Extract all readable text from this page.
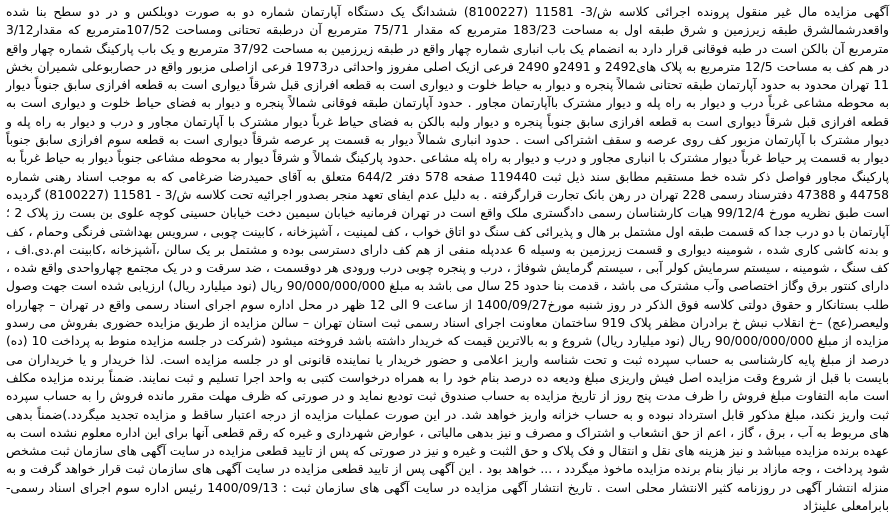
آگهی مزایده مال غیر منقول پرونده اجرائی کلاسه ش/3- 11581 (8100227) ششدانگ یک دستگاه آپارتمان شماره دو به صورت دوبلکس و در دو سطح بنا شده واقعدرشمالشرق طبقه زیرزمین و شرق طبقه اول به مساحت 183/23 مترمربع که مقدار 75/71 مترمربع آن درطبقه تحتانی ومساحت 107/52مترمربع که مقدار3/12 مترمربع آن بالکن است در طبه فوقانی قرار دارد به انضمام یک باب انباری شماره چهار واقع در طبقه زیرزمین به مساحت 37/92 مترمربع و یک باب پارکینگ شماره چهار واقع در هم کف به مساحت 12/5 مترمربع به پلاک های2492 و 2491و 2490 فرعی ازیک اصلی مفروز واحداثی در1973 فرعی ازاصلی مزبور واقع در حصاربوعلی شمیران بخش 11 تهران محدود به حدود آپارتمان طبقه تحتانی شمالاً پنجره و دیوار به حیاط خلوت و دیواری است به قطعه افرازی قبل شرقاً دیواری است به قطعه افرازی سابق جنوباً دیوار به محوطه مشاعی غرباً درب و دیوار به راه پله و دیوار مشترک باآپارتمان مجاور . حدود آپارتمان طبقه فوقانی شمالاً پنجره و دیوار به فضای حیاط خلوت و دیواری است به قطعه افرازی قبل شرقاً دیواری است به قطعه افرازی سابق جنوباً پنجره و دیوار ولبه بالکن به فضای حیاط غرباً دیوار مشترک با آپارتمان مجاور و درب و دیوار به راه پله و دیوار مشترک با آپارتمان مزبور کف روی عرصه و سقف اشتراکی است . حدود انباری شمالاً دیوار به قسمت پر عرصه شرقاً دیواری است به قطعه سوم افرازی سابق جنوباً دیوار به قسمت پر حیاط غرباً دیوار مشترک با انباری مجاور و درب و دیوار به راه پله مشاعی .حدود پارکینگ شمالاً و شرقاً دیوار به محوطه مشاعی جنوباً دیوار به حیاط غرباً به پارکینگ مجاور فواصل ذکر شده خط مستقیم مطابق سند ذیل ثبت 119440 صفحه 578 دفتر 644/2 متعلق به آقای حمیدرضا ضرغامی که به موجب اسناد رهنی شماره 44758 و 47388 دفترسناد رسمی 228 تهران در رهن بانک تجارت قرارگرفته . به دلیل عدم ایفای تعهد منجر بصدور اجرائیه تحت کلاسه ش/3 - 11581 (8100227) گردیده است طبق نظریه مورخ 99/12/4 هیات کارشناسان رسمی دادگستری ملک واقع است در تهران فرمانیه خیابان سیمین دخت خیابان حسینی کوچه علوی بن بست رز پلاک 2 ؛ آپارتمان با دو درب جدا که قسمت طبقه اول مشتمل بر هال و پذیرائی کف سنگ دو اتاق خواب ، کف لمینیت ، آشپزخانه ، کابینت چوبی ، سرویس بهداشتی فرنگی وحمام ، کف و بدنه کاشی کاری شده ، شومینه دیواری و قسمت زیرزمین به وسیله 6 عددپله منفی از هم کف دارای دسترسی بوده و مشتمل بر یک سالن ،آشپزخانه ،کابینت ام.دی.اف ، کف سنگ ، شومینه ، سیستم سرمایش کولر آبی ، سیستم گرمایش شوفاژ ، درب و پنجره چوبی درب ورودی هر دوقسمت ، ضد سرقت و در یک مجتمع چهارواحدی واقع شده ، دارای کنتور برق وگاز اختصاصی وآب مشترک می باشد ، قدمت بنا حدود 25 سال می باشد به مبلغ 90/000/000/000 ریال (نود میلیارد ریال) ارزیابی شده است جهت وصول طلب بستانکار و حقوق دولتی کلاسه فوق الذکر در روز شنبه مورخ1400/09/27 از ساعت 9 الی 12 ظهر در محل اداره سوم اجرای اسناد رسمی واقع در تهران – چهارراه ولیعصر(عج) –خ انقلاب نبش خ برادران مظفر پلاک 919 ساختمان معاونت اجرای اسناد رسمی ثبت استان تهران – سالن مزایده از طریق مزایده حضوری بفروش می رسدو مزایده از مبلغ 90/000/000/000 ریال (نود میلیارد ریال) شروع و به بالاترین قیمت که خریدار داشته باشد فروخته میشود (شرکت در جلسه مزایده منوط به پرداخت 10 (ده) درصد از مبلغ پایه کارشناسی به حساب سپرده ثبت و تحت شناسه واریز اعلامی و حضور خریدار یا نماینده قانونی او در جلسه مزایده است. لذا خریدار و یا خریداران می بایست با قبل از شروع وقت مزایده اصل فیش واریزی مبلغ ودیعه ده درصد بنام خود را به همراه درخواست کتبی به واحد اجرا تسلیم و ثبت نمایند. ضمناً برنده مزایده مکلف است مابه التفاوت مبلغ فروش را ظرف مدت پنج روز از تاریخ مزایده به حساب صندوق ثبت تودیع نماید و در صورتی که ظرف مهلت مقرر مانده فروش را به حساب سپرده ثبت واریز نکند، مبلغ مذکور قابل استرداد نبوده و به حساب خزانه واریز خواهد شد. در این صورت عملیات مزایده از درجه اعتبار ساقط و مزایده تجدید میگردد.)ضمناً بدهی های مربوط به آب ، برق ، گاز ، اعم از حق انشعاب و اشتراک و مصرف و نیز بدهی مالیاتی ، عوارض شهرداری و غیره که رقم قطعی آنها برای این اداره معلوم نشده است به عهده برنده مزایده میباشد و نیز هزینه های نقل و انتقال و فک پلاک و حق الثبت و غیره و نیز در صورتی که پس از تایید قطعی مزایده در سایت آگهی های سازمان ثبت مشخص شود پرداخت ، وجه مازاد بر نیاز بنام برنده مزایده ماخوذ میگردد ، ... خواهد بود . این آگهی پس از تایید قطعی مزایده در سایت آگهی های سازمان ثبت قرار خواهد گرفت و به منزله انتشار آگهی در روزنامه کثیر الانتشار محلی است . تاریخ انتشار آگهی مزایده در سایت آگهی های سازمان ثبت : 1400/09/13 رئیس اداره سوم اجرای اسناد رسمی- بابرامعلی علینژاد
